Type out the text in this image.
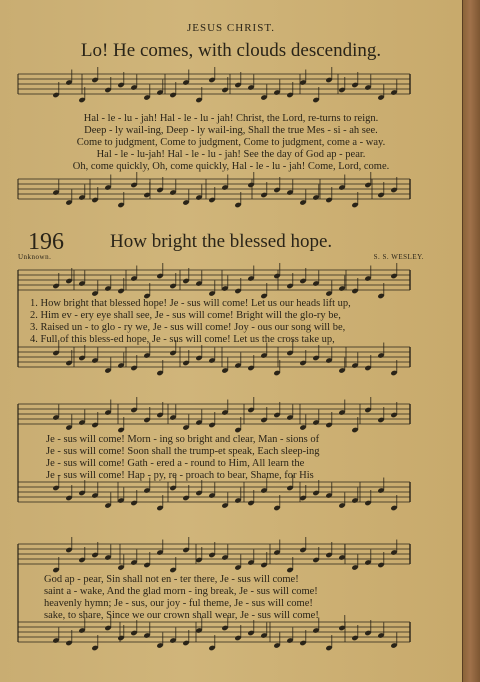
JESUS CHRIST.
Lo! He comes, with clouds descending.
Hal - le - lu - jah! Hal - le - lu - jah! Christ, the Lord, re-turns to reign.
Deep - ly wail-ing, Deep - ly wail-ing, Shall the true Mes - si - ah see.
Come to judgment, Come to judgment, Come to judgment, come a - way.
Hal - le - lu-jah! Hal - le - lu - jah! See the day of God ap - pear.
Oh, come quickly, Oh, come quickly, Hal - le - lu - jah! Come, Lord, come.
196 How bright the blessed hope.
Unknown.	S. S. WESLEY.
1. How bright that blessed hope! Je - sus will come! Let us our heads lift up,
2. Him ev - ery eye shall see, Je - sus will come! Bright will the glo-ry be,
3. Raised un - to glo - ry we, Je - sus will come! Joy - ous our song will be,
4. Full of this bless-ed hope, Je - sus will come! Let us the cross take up,
Je - sus will come! Morn - ing so bright and clear, Man - sions of
Je - sus will come! Soon shall the trump-et speak, Each sleep-ing
Je - sus will come! Gath - ered a - round to Him, All learn the
Je - sus will come! Hap - py, re - proach to bear, Shame, for His
God ap - pear, Sin shall not en - ter there, Je - sus will come!
saint a - wake, And the glad morn - ing break, Je - sus will come!
heavenly hymn; Je - sus, our joy - ful theme, Je - sus will come!
sake, to share, Since we our crown shall wear, Je - sus will come!
